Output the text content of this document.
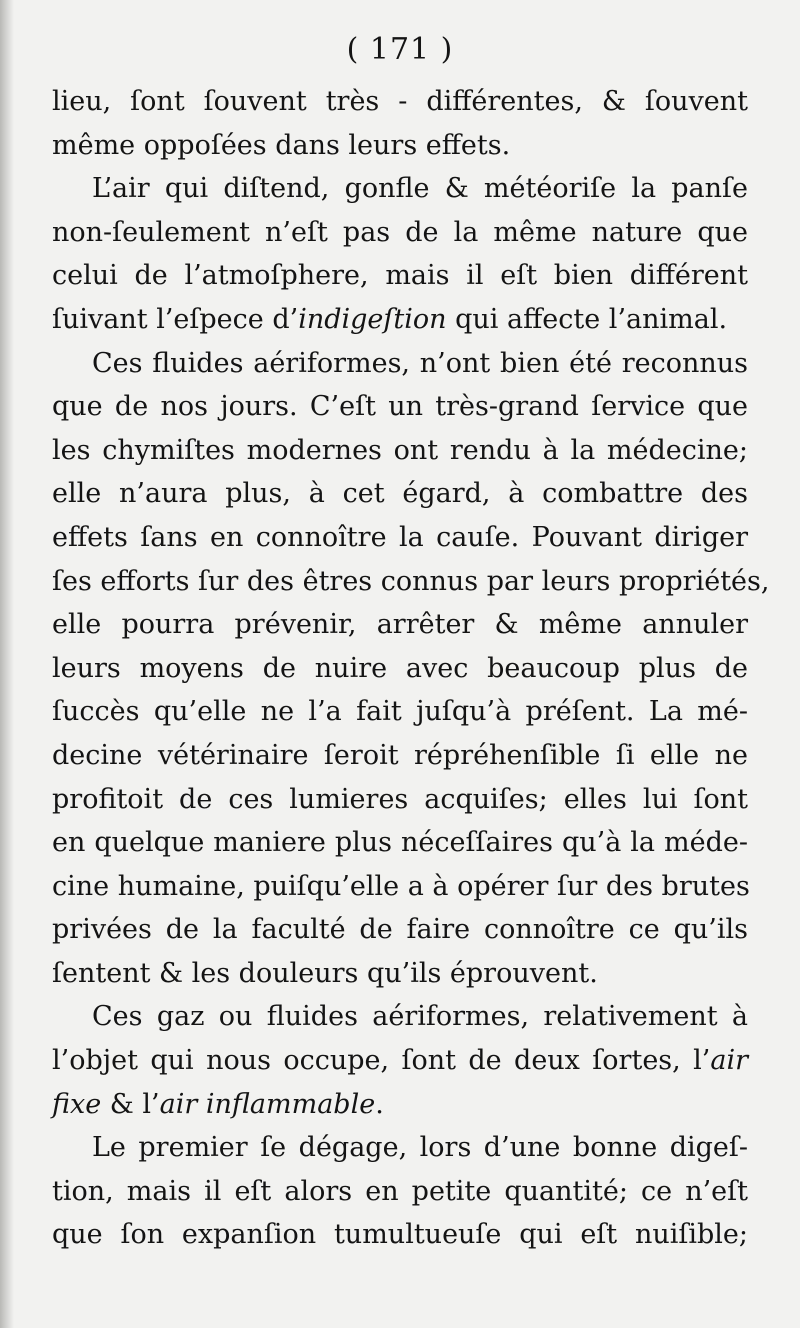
( 171 )
lieu, ſont ſouvent très - différentes, & ſouvent
même oppoſées dans leurs effets.
L’air qui diſtend, gonfle & météoriſe la panſe
non-ſeulement n’eſt pas de la même nature que
celui de l’atmoſphere, mais il eſt bien différent
ſuivant l’eſpece d’indigeſtion qui affecte l’animal.
Ces fluides aériformes, n’ont bien été reconnus
que de nos jours. C’eſt un très-grand ſervice que
les chymiſtes modernes ont rendu à la médecine;
elle n’aura plus, à cet égard, à combattre des
effets ſans en connoître la cauſe. Pouvant diriger
ſes efforts ſur des êtres connus par leurs propriétés,
elle pourra prévenir, arrêter & même annuler
leurs moyens de nuire avec beaucoup plus de
ſuccès qu’elle ne l’a fait juſqu’à préſent. La mé-
decine vétérinaire ſeroit répréhenſible ſi elle ne
profitoit de ces lumieres acquiſes; elles lui ſont
en quelque maniere plus néceſſaires qu’à la méde-
cine humaine, puiſqu’elle a à opérer ſur des brutes
privées de la faculté de faire connoître ce qu’ils
ſentent & les douleurs qu’ils éprouvent.
Ces gaz ou fluides aériformes, relativement à
l’objet qui nous occupe, ſont de deux ſortes, l’air
fixe & l’air inflammable.
Le premier ſe dégage, lors d’une bonne digeſ-
tion, mais il eſt alors en petite quantité; ce n’eſt
que ſon expanſion tumultueuſe qui eſt nuiſible;
